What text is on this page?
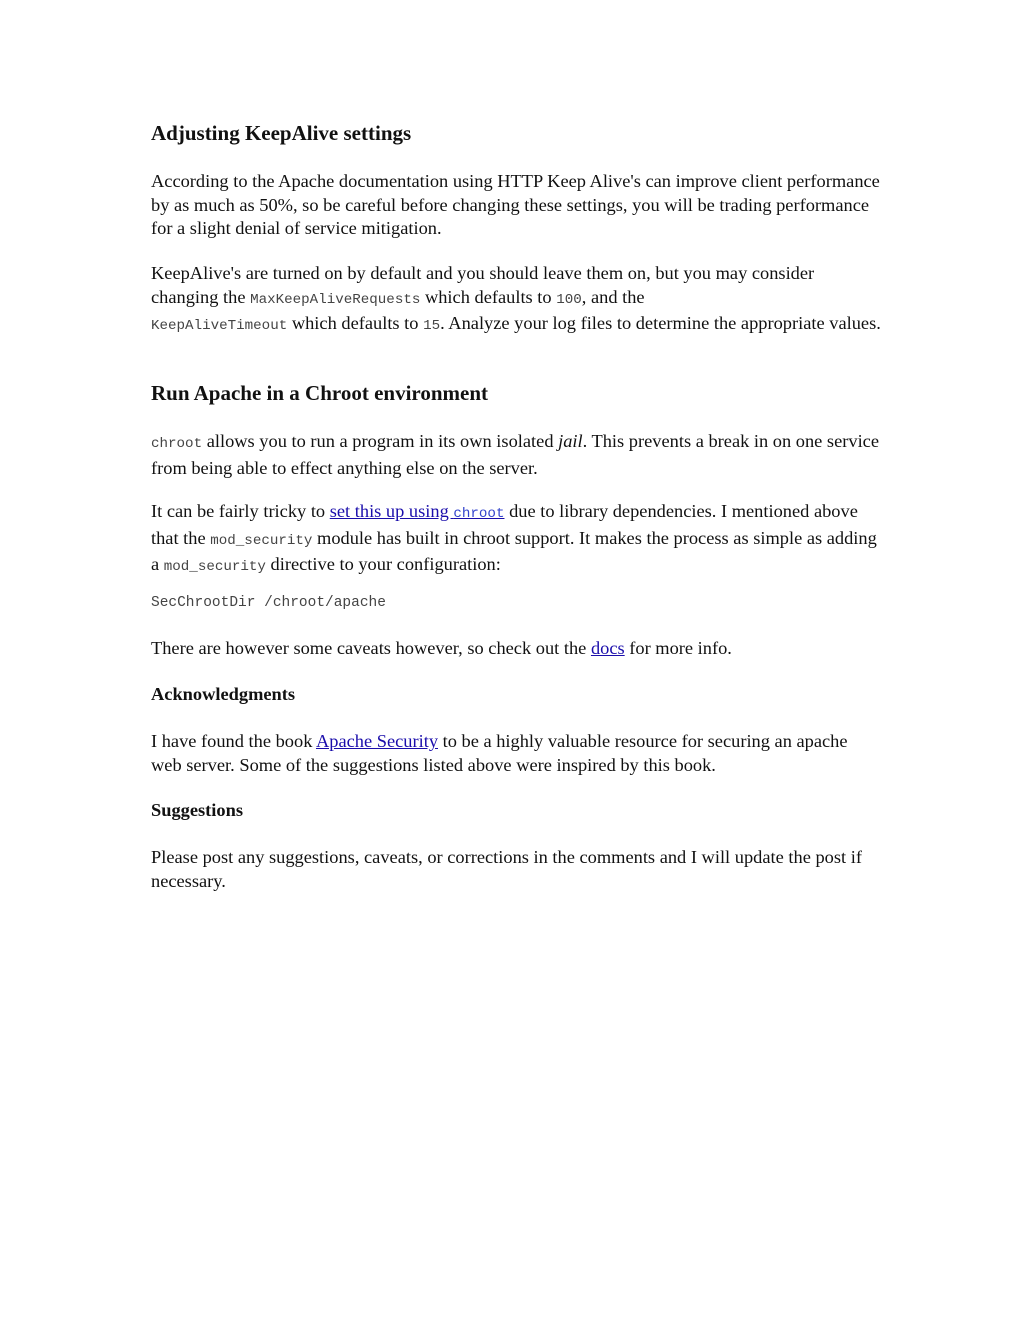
Adjusting KeepAlive settings

According to the Apache documentation using HTTP Keep Alive's can improve client performance by as much as 50%, so be careful before changing these settings, you will be trading performance for a slight denial of service mitigation.

KeepAlive's are turned on by default and you should leave them on, but you may consider changing the MaxKeepAliveRequests which defaults to 100, and the
KeepAliveTimeout which defaults to 15. Analyze your log files to determine the appropriate values.

Run Apache in a Chroot environment

chroot allows you to run a program in its own isolated jail. This prevents a break in on one service from being able to effect anything else on the server.

It can be fairly tricky to set this up using chroot due to library dependencies. I mentioned above that the mod_security module has built in chroot support. It makes the process as simple as adding a mod_security directive to your configuration:

SecChrootDir /chroot/apache

There are however some caveats however, so check out the docs for more info.

Acknowledgments

I have found the book Apache Security to be a highly valuable resource for securing an apache web server. Some of the suggestions listed above were inspired by this book.

Suggestions

Please post any suggestions, caveats, or corrections in the comments and I will update the post if necessary.
